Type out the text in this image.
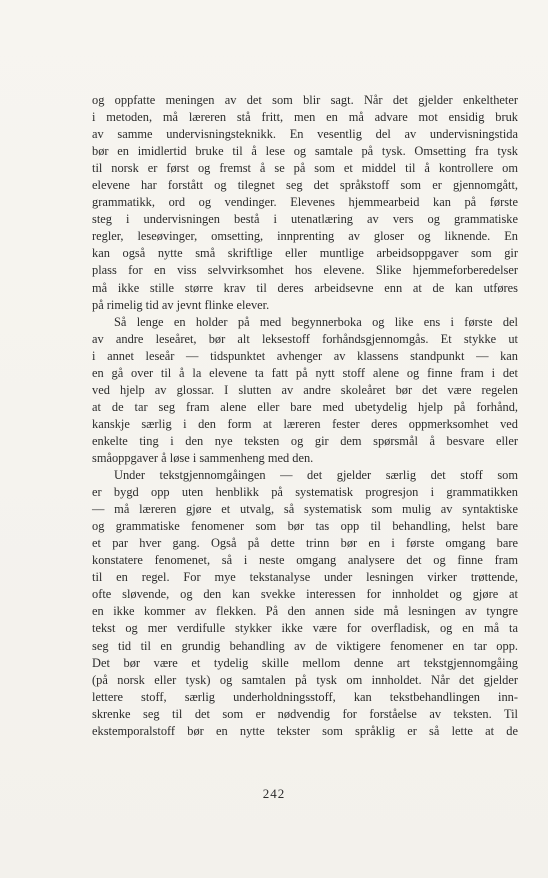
og oppfatte meningen av det som blir sagt. Når det gjelder enkeltheter
i metoden, må læreren stå fritt, men en må advare mot ensidig bruk
av samme undervisningsteknikk. En vesentlig del av undervisningstida
bør en imidlertid bruke til å lese og samtale på tysk. Omsetting fra tysk
til norsk er først og fremst å se på som et middel til å kontrollere om
elevene har forstått og tilegnet seg det språkstoff som er gjennomgått,
grammatikk, ord og vendinger. Elevenes hjemmearbeid kan på første
steg i undervisningen bestå i utenatlæring av vers og grammatiske
regler, leseøvinger, omsetting, innprenting av gloser og liknende. En
kan også nytte små skriftlige eller muntlige arbeidsoppgaver som gir
plass for en viss selvvirksomhet hos elevene. Slike hjemmeforberedelser
må ikke stille større krav til deres arbeidsevne enn at de kan utføres
på rimelig tid av jevnt flinke elever.
Så lenge en holder på med begynnerboka og like ens i første del
av andre leseåret, bør alt leksestoff forhåndsgjennomgås. Et stykke ut
i annet leseår — tidspunktet avhenger av klassens standpunkt — kan
en gå over til å la elevene ta fatt på nytt stoff alene og finne fram i det
ved hjelp av glossar. I slutten av andre skoleåret bør det være regelen
at de tar seg fram alene eller bare med ubetydelig hjelp på forhånd,
kanskje særlig i den form at læreren fester deres oppmerksomhet ved
enkelte ting i den nye teksten og gir dem spørsmål å besvare eller
småoppgaver å løse i sammenheng med den.
Under tekstgjennomgåingen — det gjelder særlig det stoff som
er bygd opp uten henblikk på systematisk progresjon i grammatikken
— må læreren gjøre et utvalg, så systematisk som mulig av syntaktiske
og grammatiske fenomener som bør tas opp til behandling, helst bare
et par hver gang. Også på dette trinn bør en i første omgang bare
konstatere fenomenet, så i neste omgang analysere det og finne fram
til en regel. For mye tekstanalyse under lesningen virker trøttende,
ofte sløvende, og den kan svekke interessen for innholdet og gjøre at
en ikke kommer av flekken. På den annen side må lesningen av tyngre
tekst og mer verdifulle stykker ikke være for overfladisk, og en må ta
seg tid til en grundig behandling av de viktigere fenomener en tar opp.
Det bør være et tydelig skille mellom denne art tekstgjennomgåing
(på norsk eller tysk) og samtalen på tysk om innholdet. Når det gjelder
lettere stoff, særlig underholdningsstoff, kan tekstbehandlingen inn-
skrenke seg til det som er nødvendig for forståelse av teksten. Til
ekstemporalstoff bør en nytte tekster som språklig er så lette at de
242
